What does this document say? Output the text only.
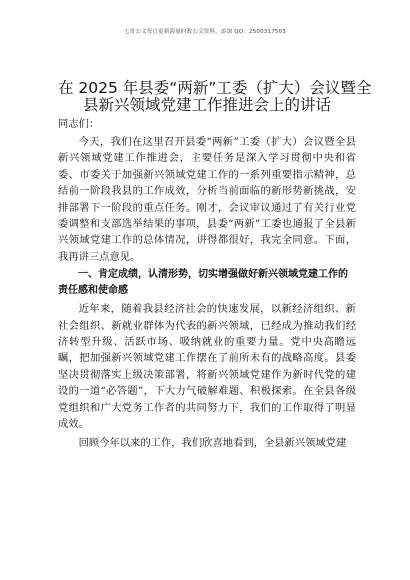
七哥公文每日更新海量时政公文资料，添加 QQ：2500317503
在 2025 年县委“两新”工委（扩大）会议暨全
县新兴领域党建工作推进会上的讲话

同志们：

今天，我们在这里召开县委“两新”工委（扩大）会议暨全县新兴领域党建工作推进会，主要任务是深入学习贯彻中央和省委、市委关于加强新兴领域党建工作的一系列重要指示精神，总结前一阶段我县的工作成效，分析当前面临的新形势新挑战，安排部署下一阶段的重点任务。刚才，会议审议通过了有关行业党委调整和支部选举结果的事项，县委“两新”工委也通报了全县新兴领域党建工作的总体情况，讲得都很好，我完全同意。下面，我再讲三点意见。

一、肯定成绩，认清形势，切实增强做好新兴领域党建工作的责任感和使命感

近年来，随着我县经济社会的快速发展，以新经济组织、新社会组织、新就业群体为代表的新兴领域，已经成为推动我们经济转型升级、活跃市场、吸纳就业的重要力量。党中央高瞻远瞩，把加强新兴领域党建工作摆在了前所未有的战略高度。县委坚决贯彻落实上级决策部署，将新兴领域党建作为新时代党的建设的一道“必答题”，下大力气破解难题、积极探索。在全县各级党组织和广大党务工作者的共同努力下，我们的工作取得了明显成效。

回顾今年以来的工作，我们欣喜地看到，全县新兴领域党建
